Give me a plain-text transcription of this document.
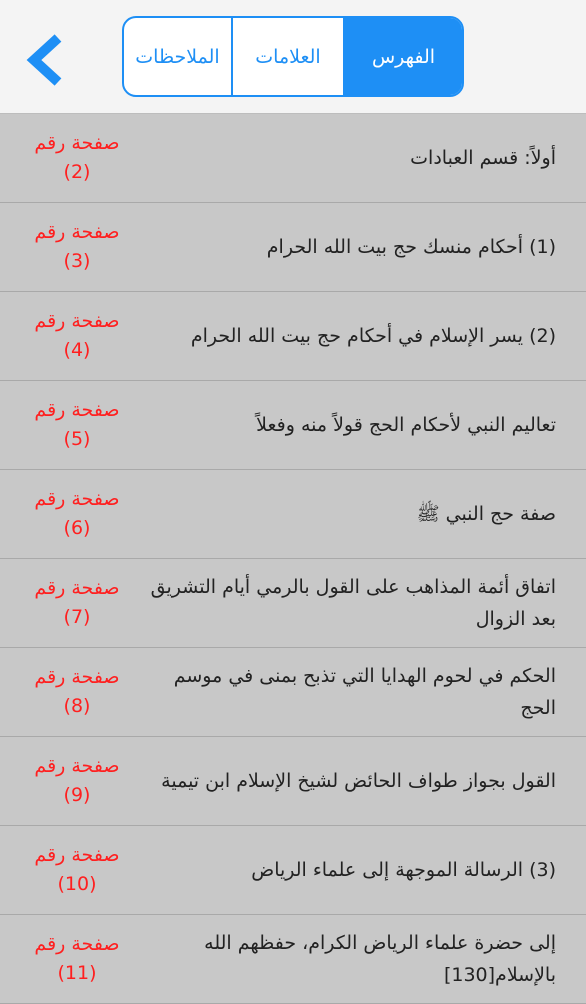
الملاحظات	العلامات	الفهرس
أولاً: قسم العبادات
صفحة رقم
(2)
(1) أحكام منسك حج بيت الله الحرام
صفحة رقم
(3)
(2) يسر الإسلام في أحكام حج بيت الله الحرام
صفحة رقم
(4)
تعاليم النبي لأحكام الحج قولاً منه وفعلاً
صفحة رقم
(5)
صفة حج النبي ﷺ
صفحة رقم
(6)
اتفاق أئمة المذاهب على القول بالرمي أيام التشريق بعد الزوال
صفحة رقم
(7)
الحكم في لحوم الهدايا التي تذبح بمنى في موسم الحج
صفحة رقم
(8)
القول بجواز طواف الحائض لشيخ الإسلام ابن تيمية
صفحة رقم
(9)
(3) الرسالة الموجهة إلى علماء الرياض
صفحة رقم
(10)
إلى حضرة علماء الرياض الكرام، حفظهم الله بالإسلام[130]
صفحة رقم
(11)
